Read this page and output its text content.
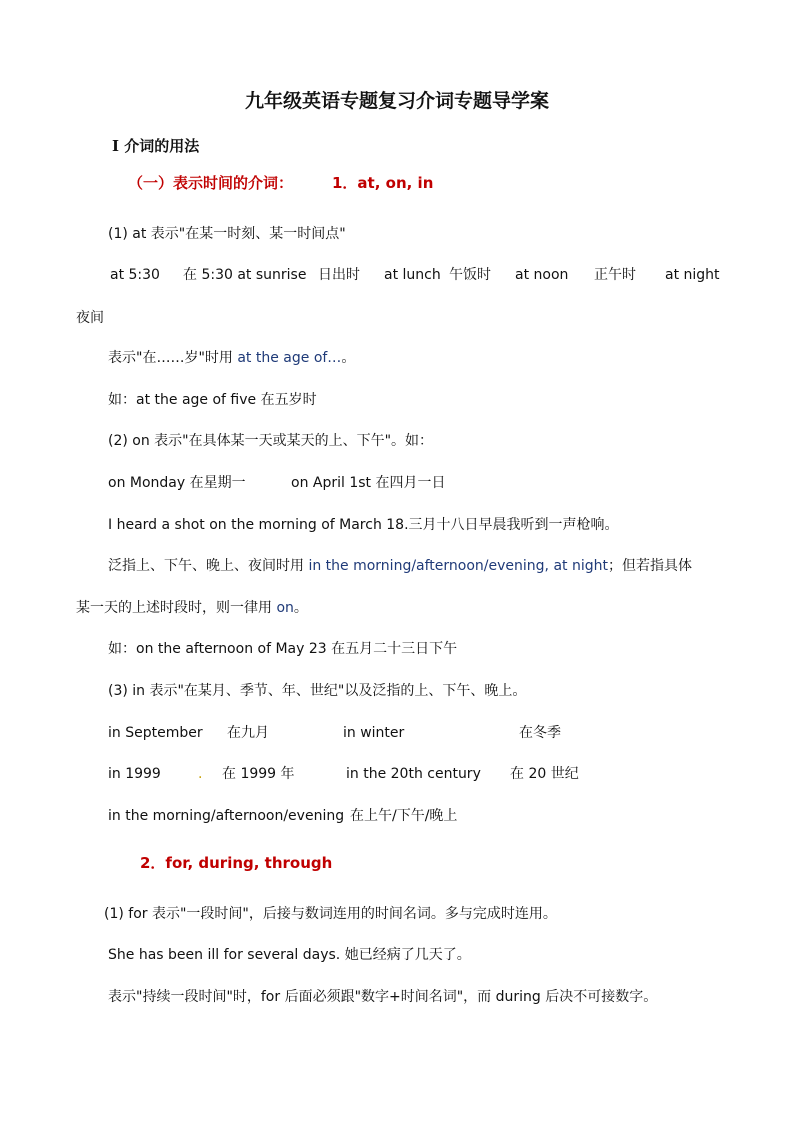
九年级英语专题复习介词专题导学案
I 介词的用法
（一）表示时间的介词：	1．at, on, in
(1) at 表示"在某一时刻、某一时间点"
at 5:30 在 5:30 at sunrise 日出时 at lunch 午饭时 at noon 正午时 at night
夜间
表示"在……岁"时用 at the age of…。
如：at the age of five 在五岁时
(2) on 表示"在具体某一天或某天的上、下午"。如：
on Monday 在星期一	on April 1st 在四月一日
I heard a shot on the morning of March 18.三月十八日早晨我听到一声枪响。
泛指上、下午、晚上、夜间时用 in the morning/afternoon/evening, at night；但若指具体
某一天的上述时段时，则一律用 on。
如：on the afternoon of May 23 在五月二十三日下午
(3) in 表示"在某月、季节、年、世纪"以及泛指的上、下午、晚上。
in September 在九月	in winter	在冬季
in 1999	. 在 1999 年	in the 20th century 在 20 世纪
in the morning/afternoon/evening 在上午/下午/晚上
2．for, during, through
(1) for 表示"一段时间"，后接与数词连用的时间名词。多与完成时连用。
She has been ill for several days. 她已经病了几天了。
表示"持续一段时间"时，for 后面必须跟"数字+时间名词"，而 during 后决不可接数字。
